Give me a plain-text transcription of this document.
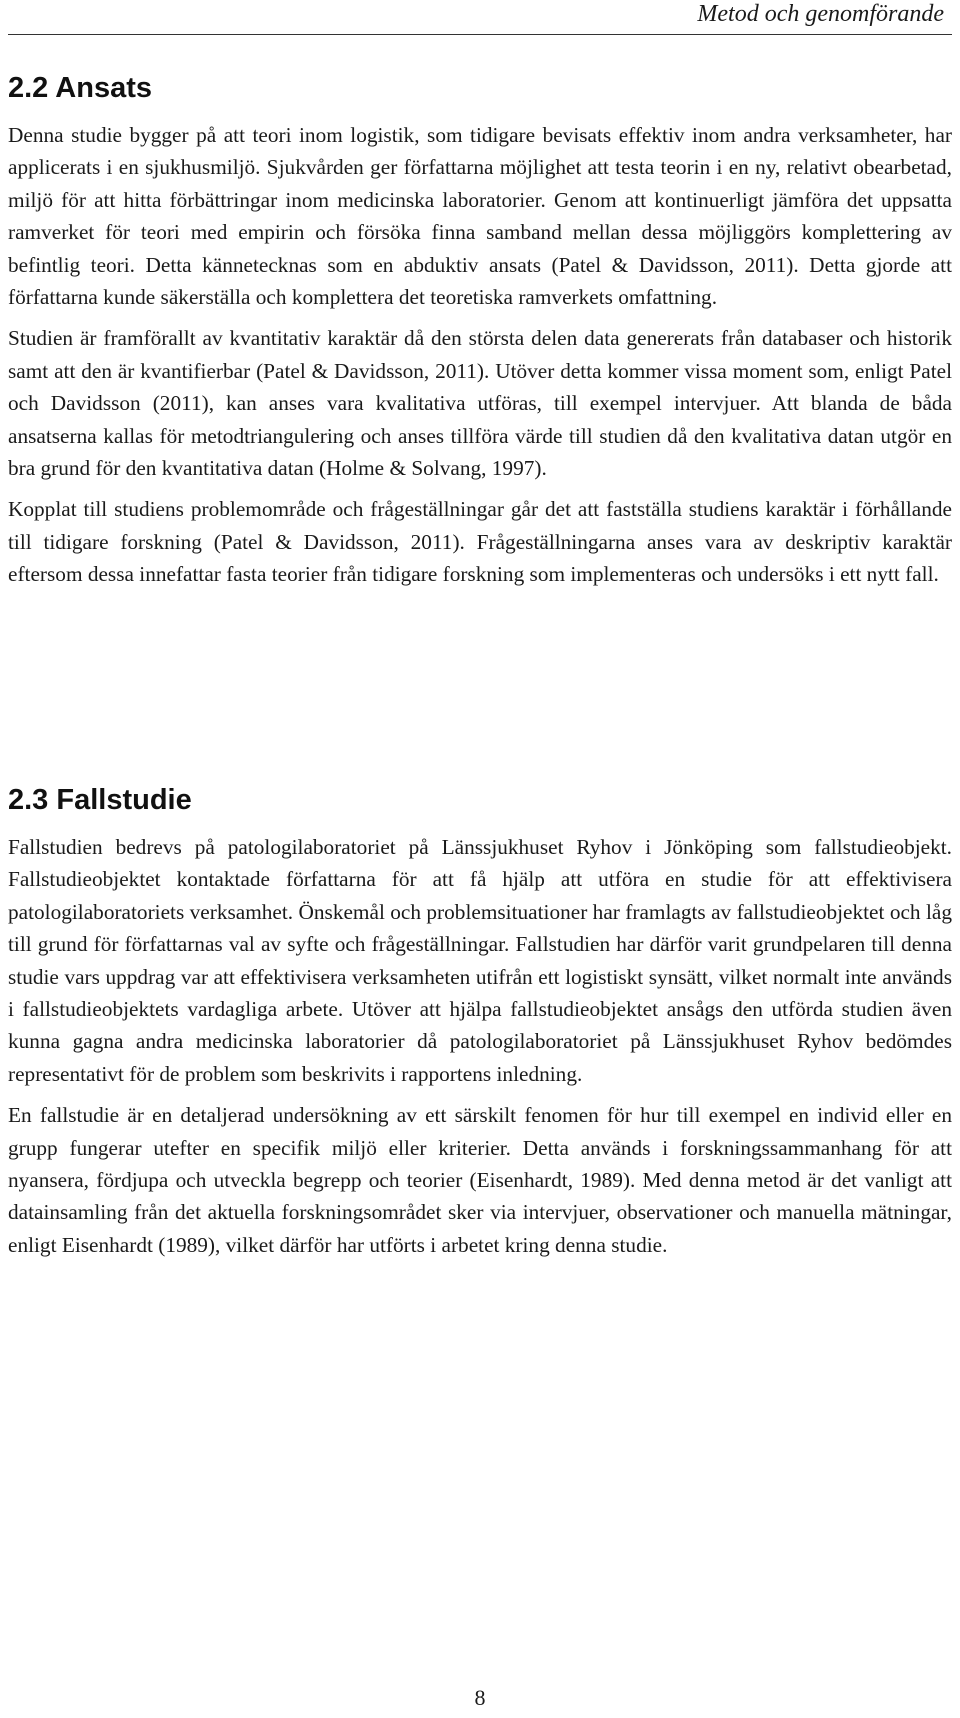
Metod och genomförande
2.2 Ansats

Denna studie bygger på att teori inom logistik, som tidigare bevisats effektiv inom andra verksamheter, har applicerats i en sjukhusmiljö. Sjukvården ger författarna möjlighet att testa teorin i en ny, relativt obearbetad, miljö för att hitta förbättringar inom medicinska laboratorier. Genom att kontinuerligt jämföra det uppsatta ramverket för teori med empirin och försöka finna samband mellan dessa möjliggörs komplettering av befintlig teori. Detta kännetecknas som en abduktiv ansats (Patel & Davidsson, 2011). Detta gjorde att författarna kunde säkerställa och komplettera det teoretiska ramverkets omfattning.

Studien är framförallt av kvantitativ karaktär då den största delen data genererats från databaser och historik samt att den är kvantifierbar (Patel & Davidsson, 2011). Utöver detta kommer vissa moment som, enligt Patel och Davidsson (2011), kan anses vara kvalitativa utföras, till exempel intervjuer. Att blanda de båda ansatserna kallas för metodtriangulering och anses tillföra värde till studien då den kvalitativa datan utgör en bra grund för den kvantitativa datan (Holme & Solvang, 1997).

Kopplat till studiens problemområde och frågeställningar går det att fastställa studiens karaktär i förhållande till tidigare forskning (Patel & Davidsson, 2011). Frågeställningarna anses vara av deskriptiv karaktär eftersom dessa innefattar fasta teorier från tidigare forskning som implementeras och undersöks i ett nytt fall.

2.3 Fallstudie

Fallstudien bedrevs på patologilaboratoriet på Länssjukhuset Ryhov i Jönköping som fallstudieobjekt. Fallstudieobjektet kontaktade författarna för att få hjälp att utföra en studie för att effektivisera patologilaboratoriets verksamhet. Önskemål och problemsituationer har framlagts av fallstudieobjektet och låg till grund för författarnas val av syfte och frågeställningar. Fallstudien har därför varit grundpelaren till denna studie vars uppdrag var att effektivisera verksamheten utifrån ett logistiskt synsätt, vilket normalt inte används i fallstudieobjektets vardagliga arbete. Utöver att hjälpa fallstudieobjektet ansågs den utförda studien även kunna gagna andra medicinska laboratorier då patologilaboratoriet på Länssjukhuset Ryhov bedömdes representativt för de problem som beskrivits i rapportens inledning.

En fallstudie är en detaljerad undersökning av ett särskilt fenomen för hur till exempel en individ eller en grupp fungerar utefter en specifik miljö eller kriterier. Detta används i forskningssammanhang för att nyansera, fördjupa och utveckla begrepp och teorier (Eisenhardt, 1989). Med denna metod är det vanligt att datainsamling från det aktuella forskningsområdet sker via intervjuer, observationer och manuella mätningar, enligt Eisenhardt (1989), vilket därför har utförts i arbetet kring denna studie.

8
